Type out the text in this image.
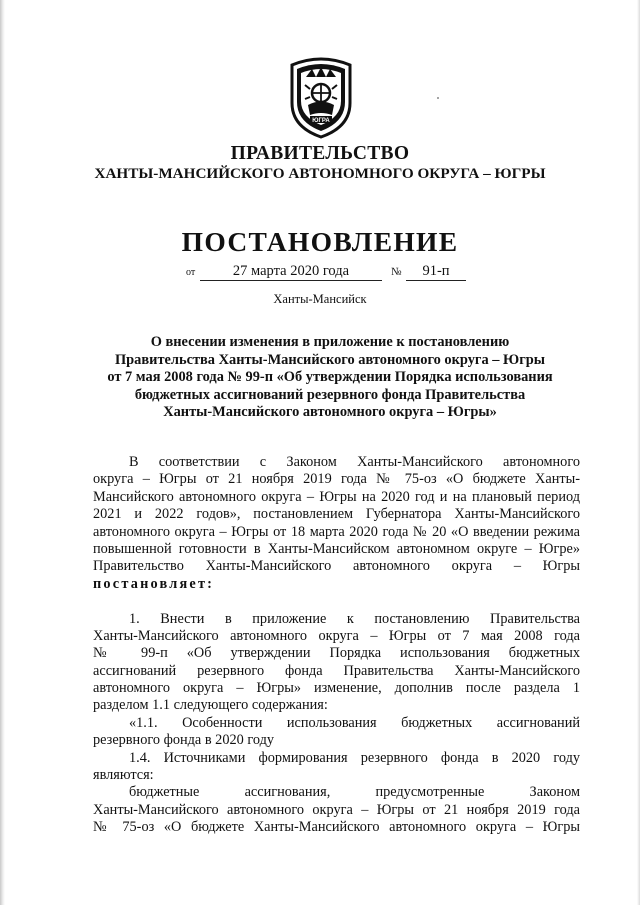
ЮГРА
ПРАВИТЕЛЬСТВО
ХАНТЫ-МАНСИЙСКОГО АВТОНОМНОГО ОКРУГА – ЮГРЫ
ПОСТАНОВЛЕНИЕ
от	27 марта 2020 года	№	91-п
Ханты-Мансийск
О внесении изменения в приложение к постановлению
Правительства Ханты-Мансийского автономного округа – Югры
от 7 мая 2008 года № 99-п «Об утверждении Порядка использования
бюджетных ассигнований резервного фонда Правительства
Ханты-Мансийского автономного округа – Югры»
В соответствии с Законом Ханты-Мансийского автономного
округа – Югры от 21 ноября 2019 года № 75-оз «О бюджете Ханты-
Мансийского автономного округа – Югры на 2020 год и на плановый период
2021 и 2022 годов», постановлением Губернатора Ханты-Мансийского
автономного округа – Югры от 18 марта 2020 года № 20 «О введении режима
повышенной готовности в Ханты-Мансийском автономном округе – Югре»
Правительство Ханты-Мансийского автономного округа – Югры
постановляет:
1. Внести в приложение к постановлению Правительства
Ханты-Мансийского автономного округа – Югры от 7 мая 2008 года
№ 99-п «Об утверждении Порядка использования бюджетных
ассигнований резервного фонда Правительства Ханты-Мансийского
автономного округа – Югры» изменение, дополнив после раздела 1
разделом 1.1 следующего содержания:
«1.1. Особенности использования бюджетных ассигнований
резервного фонда в 2020 году
1.4. Источниками формирования резервного фонда в 2020 году
являются:
бюджетные ассигнования, предусмотренные Законом
Ханты-Мансийского автономного округа – Югры от 21 ноября 2019 года
№ 75-оз «О бюджете Ханты-Мансийского автономного округа – Югры
